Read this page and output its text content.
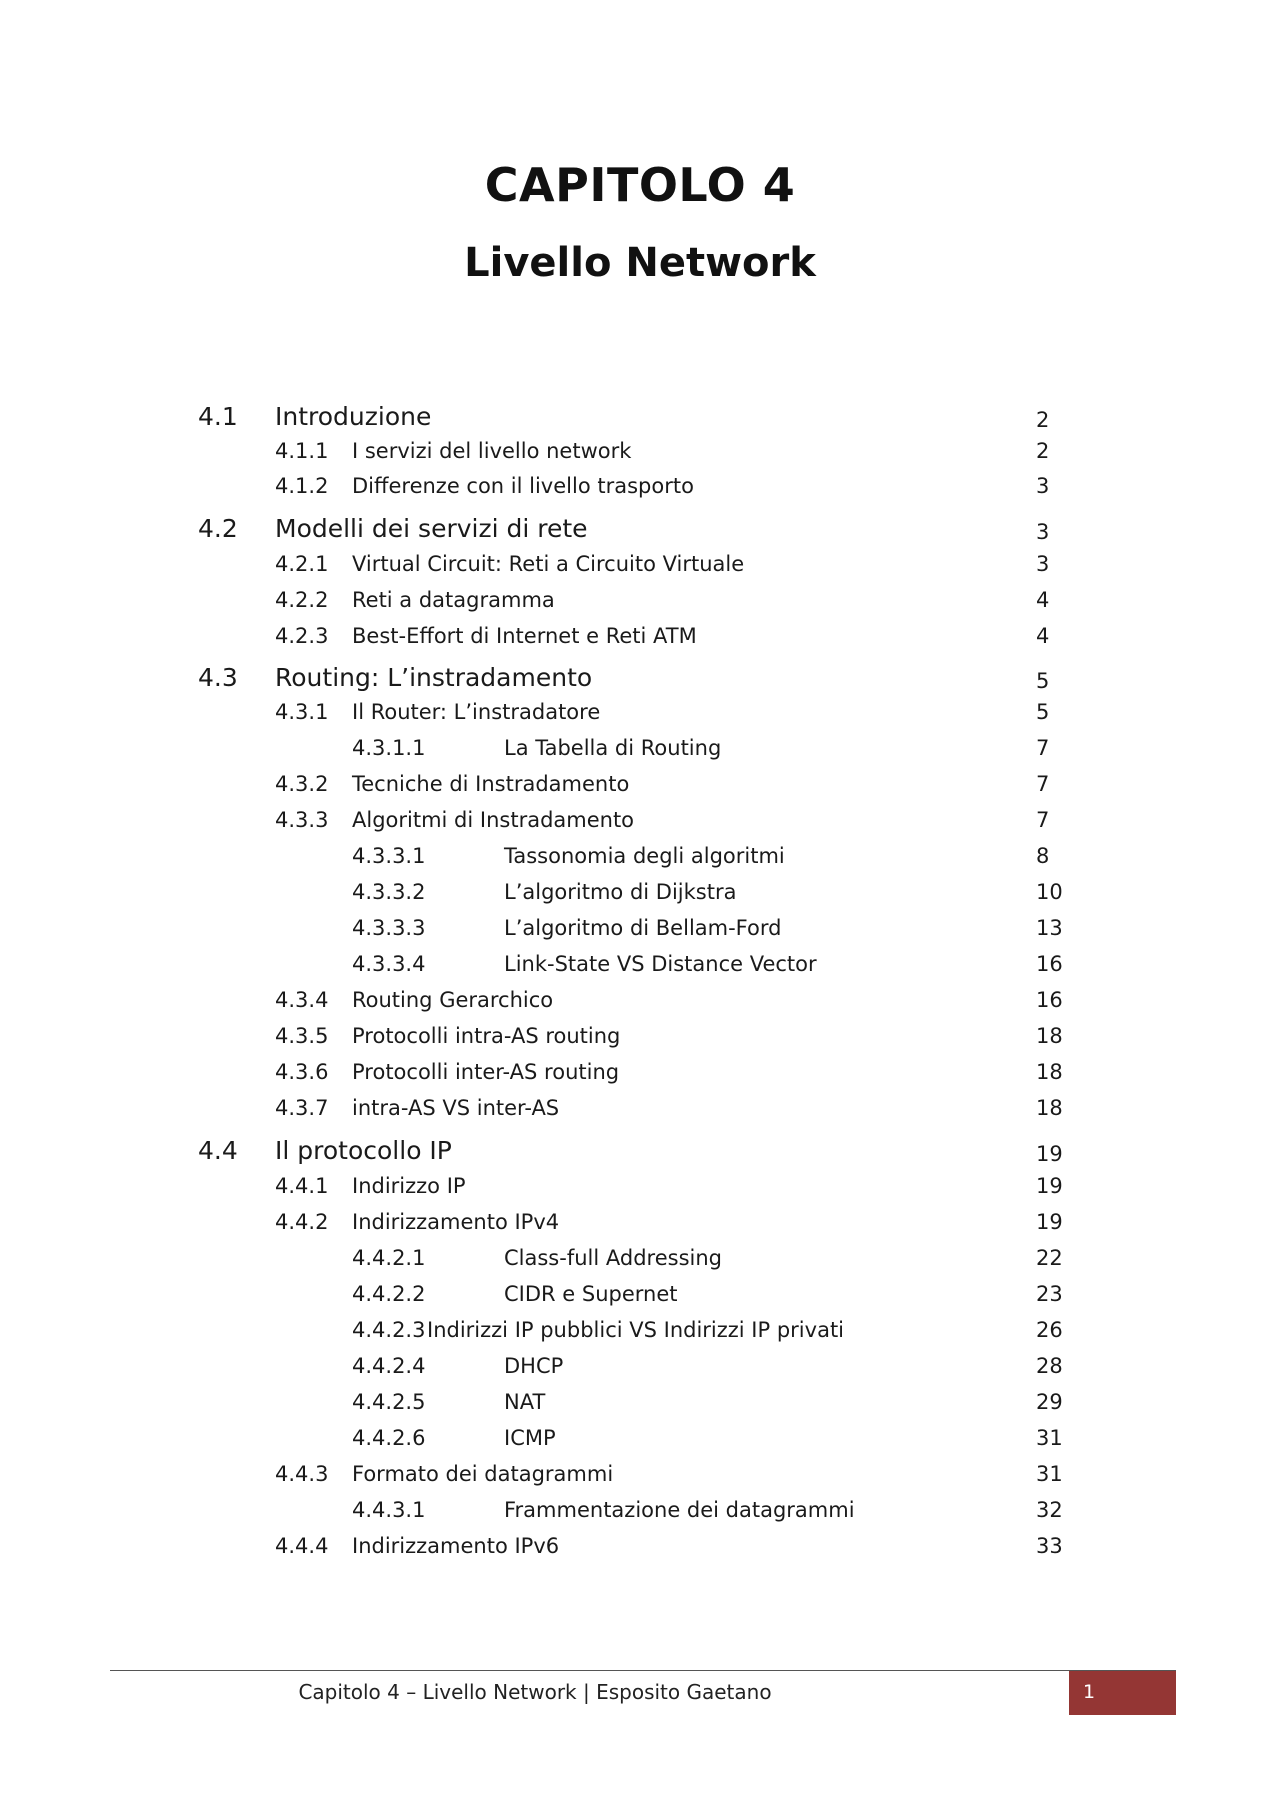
CAPITOLO 4
Livello Network
4.1 Introduzione	2
4.1.1 I servizi del livello network	2
4.1.2 Differenze con il livello trasporto	3
4.2 Modelli dei servizi di rete	3
4.2.1 Virtual Circuit: Reti a Circuito Virtuale	3
4.2.2 Reti a datagramma	4
4.2.3 Best-Effort di Internet e Reti ATM	4
4.3 Routing: L’instradamento	5
4.3.1 Il Router: L’instradatore	5
4.3.1.1	La Tabella di Routing	7
4.3.2 Tecniche di Instradamento	7
4.3.3 Algoritmi di Instradamento	7
4.3.3.1	Tassonomia degli algoritmi	8
4.3.3.2	L’algoritmo di Dijkstra	10
4.3.3.3	L’algoritmo di Bellam-Ford	13
4.3.3.4	Link-State VS Distance Vector	16
4.3.4 Routing Gerarchico	16
4.3.5 Protocolli intra-AS routing	18
4.3.6 Protocolli inter-AS routing	18
4.3.7 intra-AS VS inter-AS	18
4.4 Il protocollo IP	19
4.4.1 Indirizzo IP	19
4.4.2 Indirizzamento IPv4	19
4.4.2.1	Class-full Addressing	22
4.4.2.2	CIDR e Supernet	23
4.4.2.3 Indirizzi IP pubblici VS Indirizzi IP privati	26
4.4.2.4	DHCP	28
4.4.2.5	NAT	29
4.4.2.6	ICMP	31
4.4.3 Formato dei datagrammi	31
4.4.3.1	Frammentazione dei datagrammi	32
4.4.4 Indirizzamento IPv6	33
Capitolo 4 – Livello Network | Esposito Gaetano	1
